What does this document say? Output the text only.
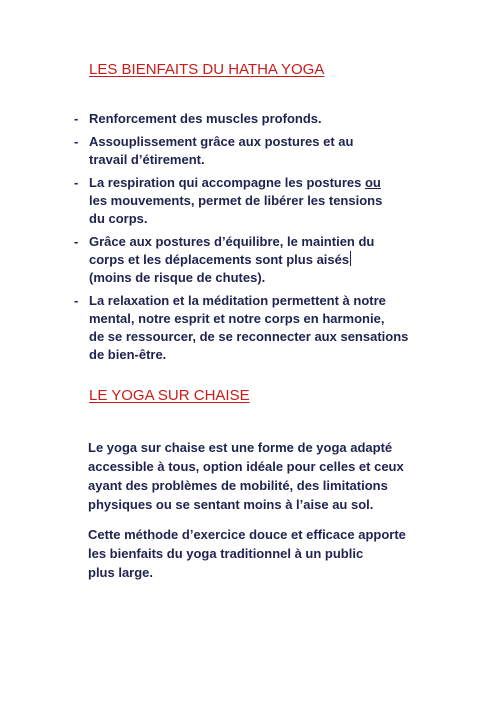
LES BIENFAITS DU HATHA YOGA
- Renforcement des muscles profonds.

- Assouplissement grâce aux postures et au
travail d’étirement.

- La respiration qui accompagne les postures ou
les mouvements, permet de libérer les tensions
du corps.

- Grâce aux postures d’équilibre, le maintien du
corps et les déplacements sont plus aisés
(moins de risque de chutes).

- La relaxation et la méditation permettent à notre
mental, notre esprit et notre corps en harmonie,
de se ressourcer, de se reconnecter aux sensations
de bien-être.

LE YOGA SUR CHAISE

Le yoga sur chaise est une forme de yoga adapté
accessible à tous, option idéale pour celles et ceux
ayant des problèmes de mobilité, des limitations
physiques ou se sentant moins à l’aise au sol.

Cette méthode d’exercice douce et efficace apporte
les bienfaits du yoga traditionnel à un public
plus large.
